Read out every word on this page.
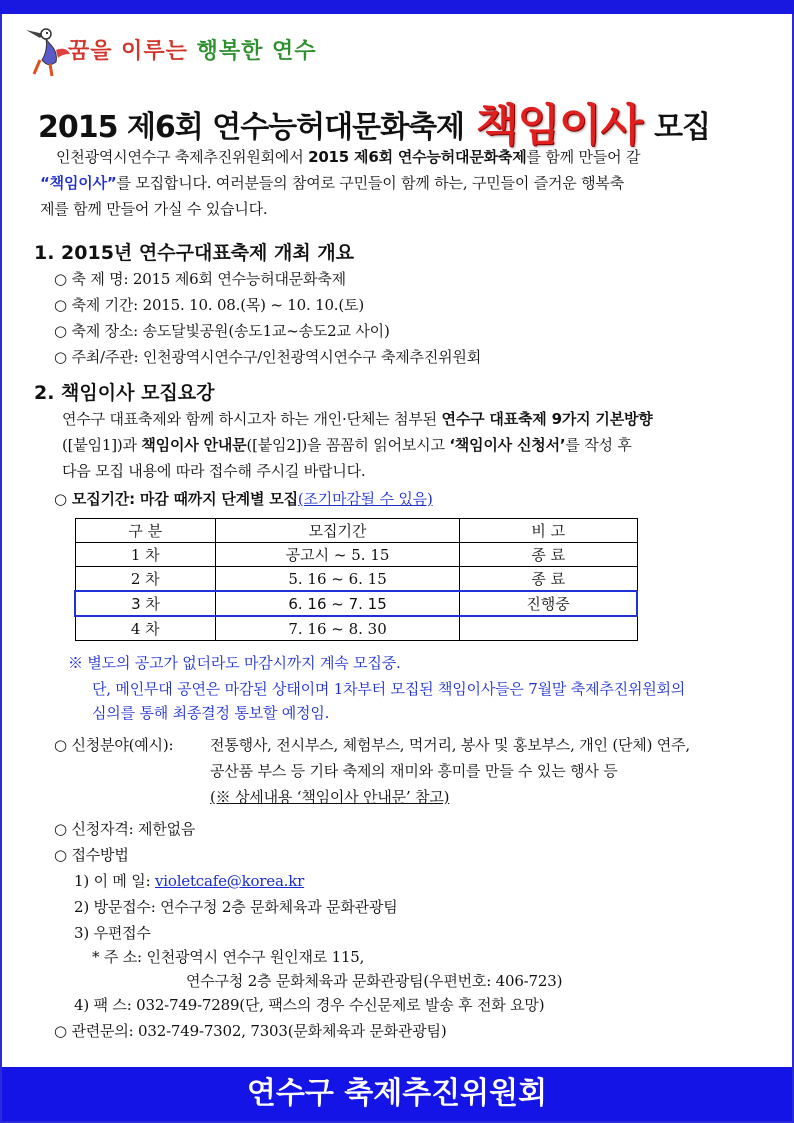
꿈을 이루는 행복한 연수
2015 제6회 연수능허대문화축제 책임이사 모집
인천광역시연수구 축제추진위원회에서 2015 제6회 연수능허대문화축제를 함께 만들어 갈
“책임이사”를 모집합니다. 여러분들의 참여로 구민들이 함께 하는, 구민들이 즐거운 행복축
제를 함께 만들어 가실 수 있습니다.
1. 2015년 연수구대표축제 개최 개요
○ 축 제 명: 2015 제6회 연수능허대문화축제
○ 축제 기간: 2015. 10. 08.(목) ~ 10. 10.(토)
○ 축제 장소: 송도달빛공원(송도1교~송도2교 사이)
○ 주최/주관: 인천광역시연수구/인천광역시연수구 축제추진위원회
2. 책임이사 모집요강
연수구 대표축제와 함께 하시고자 하는 개인·단체는 첨부된 연수구 대표축제 9가지 기본방향
([붙임1])과 책임이사 안내문([붙임2])을 꼼꼼히 읽어보시고 ‘책임이사 신청서’를 작성 후
다음 모집 내용에 따라 접수해 주시길 바랍니다.
○ 모집기간: 마감 때까지 단계별 모집(조기마감될 수 있음)
구 분	모집기간	비 고
1 차	공고시 ~ 5. 15	종 료
2 차	5. 16 ~ 6. 15	종 료
3 차	6. 16 ~ 7. 15	진행중
4 차	7. 16 ~ 8. 30	
※ 별도의 공고가 없더라도 마감시까지 계속 모집중.
단, 메인무대 공연은 마감된 상태이며 1차부터 모집된 책임이사들은 7월말 축제추진위원회의
심의를 통해 최종결정 통보할 예정임.
○ 신청분야(예시): 전통행사, 전시부스, 체험부스, 먹거리, 봉사 및 홍보부스, 개인 (단체) 연주,
공산품 부스 등 기타 축제의 재미와 흥미를 만들 수 있는 행사 등
(※ 상세내용 ‘책임이사 안내문’ 참고)
○ 신청자격: 제한없음
○ 접수방법
1) 이 메 일: violetcafe@korea.kr
2) 방문접수: 연수구청 2층 문화체육과 문화관광팀
3) 우편접수
* 주 소: 인천광역시 연수구 원인재로 115,
연수구청 2층 문화체육과 문화관광팀(우편번호: 406-723)
4) 팩 스: 032-749-7289(단, 팩스의 경우 수신문제로 발송 후 전화 요망)
○ 관련문의: 032-749-7302, 7303(문화체육과 문화관광팀)
연수구 축제추진위원회
